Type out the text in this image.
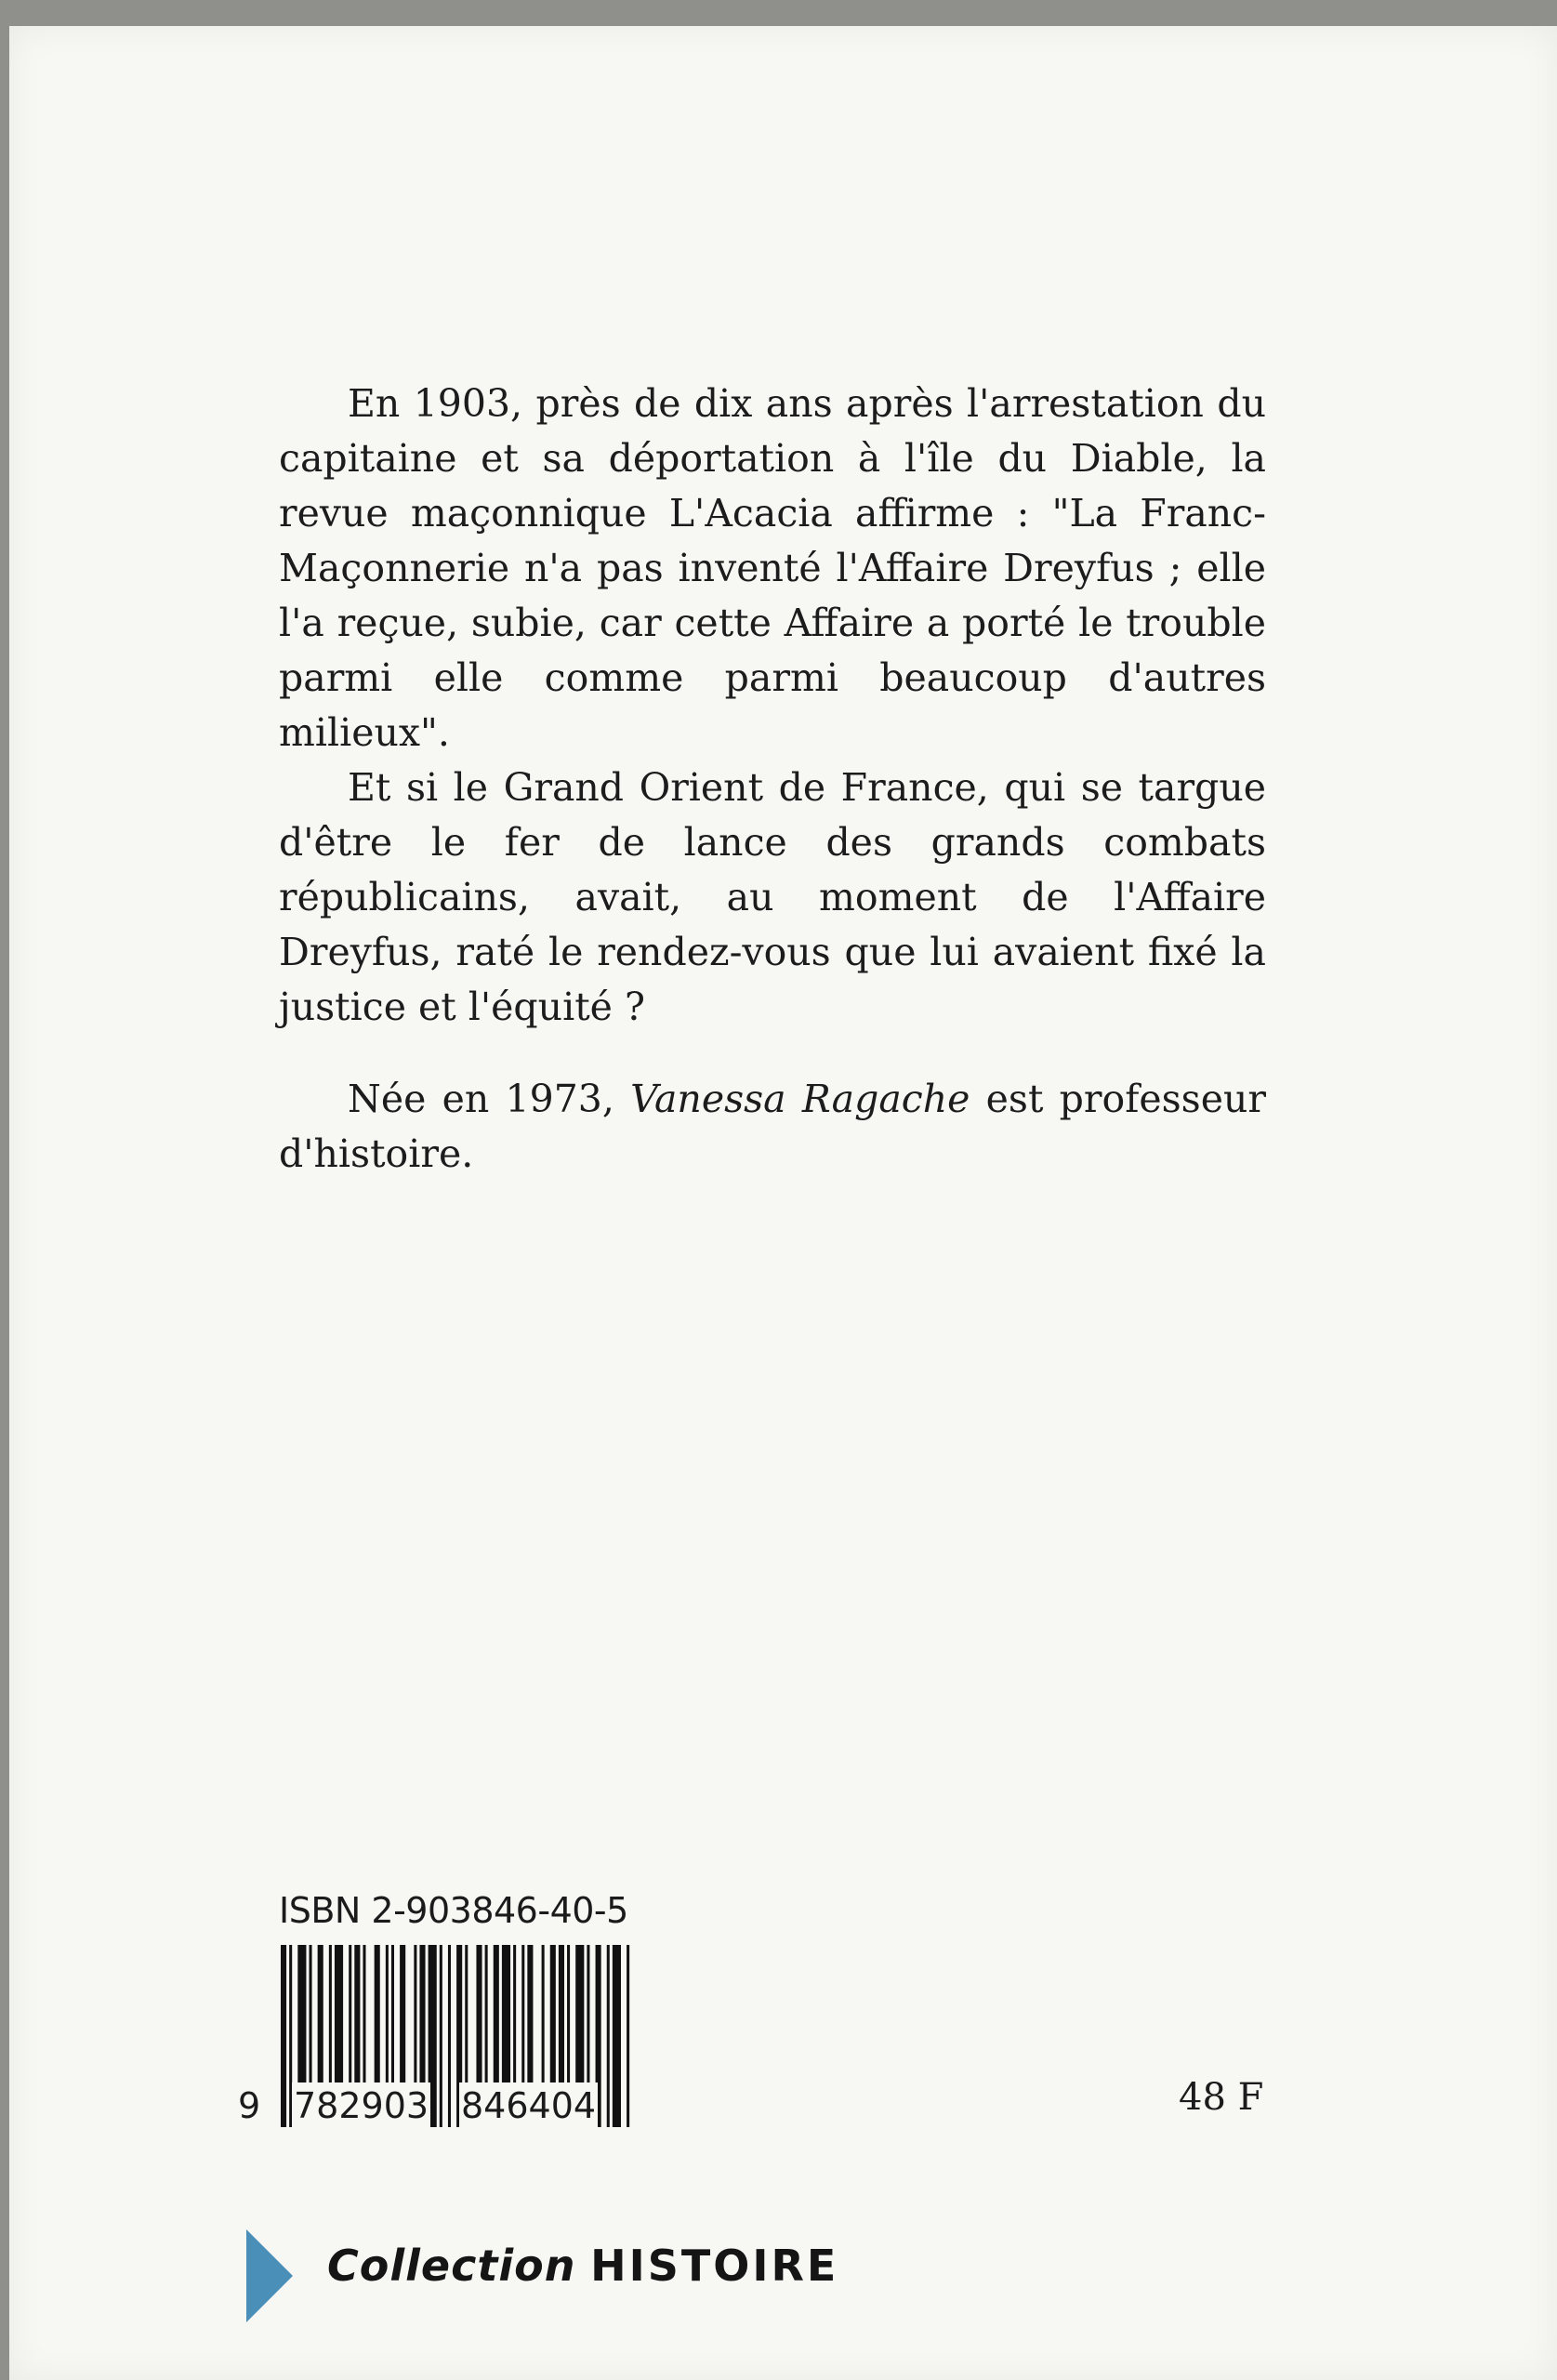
En 1903, près de dix ans après l'arrestation du capitaine et sa déportation à l'île du Diable, la revue maçonnique L'Acacia affirme : "La Franc-Maçonnerie n'a pas inventé l'Affaire Dreyfus ; elle l'a reçue, subie, car cette Affaire a porté le trouble parmi elle comme parmi beaucoup d'autres milieux".

Et si le Grand Orient de France, qui se targue d'être le fer de lance des grands combats républicains, avait, au moment de l'Affaire Dreyfus, raté le rendez-vous que lui avaient fixé la justice et l'équité ?

Née en 1973, Vanessa Ragache est professeur d'histoire.

ISBN 2-903846-40-5
9 782903 846404	48 F
Collection HISTOIRE
